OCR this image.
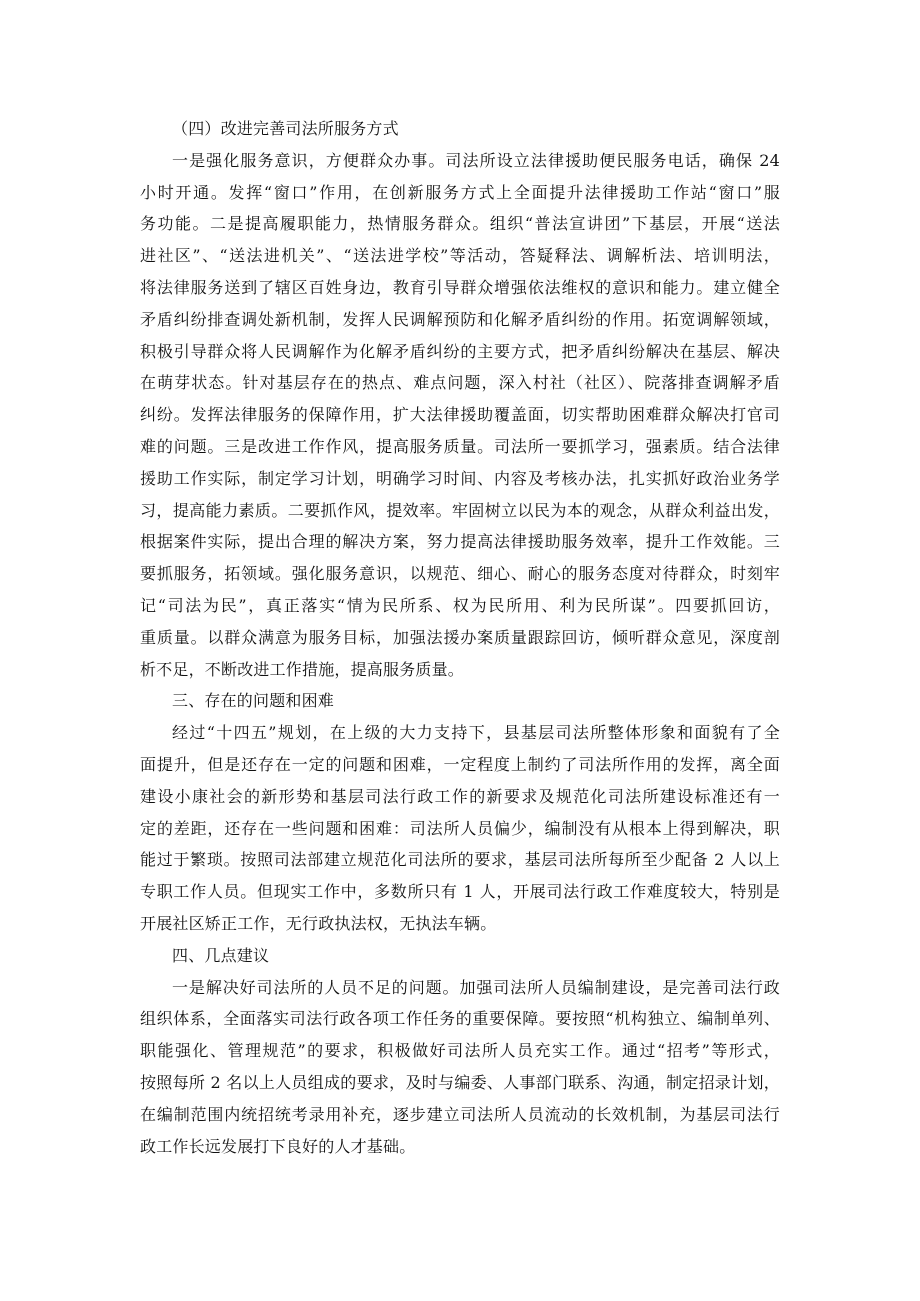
（四）改进完善司法所服务方式
一是强化服务意识，方便群众办事。司法所设立法律援助便民服务电话，确保 24
小时开通。发挥“窗口”作用，在创新服务方式上全面提升法律援助工作站“窗口”服
务功能。二是提高履职能力，热情服务群众。组织“普法宣讲团”下基层，开展“送法
进社区”、“送法进机关”、“送法进学校”等活动，答疑释法、调解析法、培训明法，
将法律服务送到了辖区百姓身边，教育引导群众增强依法维权的意识和能力。建立健全
矛盾纠纷排查调处新机制，发挥人民调解预防和化解矛盾纠纷的作用。拓宽调解领域，
积极引导群众将人民调解作为化解矛盾纠纷的主要方式，把矛盾纠纷解决在基层、解决
在萌芽状态。针对基层存在的热点、难点问题，深入村社（社区）、院落排查调解矛盾
纠纷。发挥法律服务的保障作用，扩大法律援助覆盖面，切实帮助困难群众解决打官司
难的问题。三是改进工作作风，提高服务质量。司法所一要抓学习，强素质。结合法律
援助工作实际，制定学习计划，明确学习时间、内容及考核办法，扎实抓好政治业务学
习，提高能力素质。二要抓作风，提效率。牢固树立以民为本的观念，从群众利益出发，
根据案件实际，提出合理的解决方案，努力提高法律援助服务效率，提升工作效能。三
要抓服务，拓领域。强化服务意识，以规范、细心、耐心的服务态度对待群众，时刻牢
记“司法为民”，真正落实“情为民所系、权为民所用、利为民所谋”。四要抓回访，
重质量。以群众满意为服务目标，加强法援办案质量跟踪回访，倾听群众意见，深度剖
析不足，不断改进工作措施，提高服务质量。
三、存在的问题和困难
经过“十四五”规划，在上级的大力支持下，县基层司法所整体形象和面貌有了全
面提升，但是还存在一定的问题和困难，一定程度上制约了司法所作用的发挥，离全面
建设小康社会的新形势和基层司法行政工作的新要求及规范化司法所建设标准还有一
定的差距，还存在一些问题和困难：司法所人员偏少，编制没有从根本上得到解决，职
能过于繁琐。按照司法部建立规范化司法所的要求，基层司法所每所至少配备 2 人以上
专职工作人员。但现实工作中，多数所只有 1 人，开展司法行政工作难度较大，特别是
开展社区矫正工作，无行政执法权，无执法车辆。
四、几点建议
一是解决好司法所的人员不足的问题。加强司法所人员编制建设，是完善司法行政
组织体系，全面落实司法行政各项工作任务的重要保障。要按照“机构独立、编制单列、
职能强化、管理规范”的要求，积极做好司法所人员充实工作。通过“招考”等形式，
按照每所 2 名以上人员组成的要求，及时与编委、人事部门联系、沟通，制定招录计划，
在编制范围内统招统考录用补充，逐步建立司法所人员流动的长效机制，为基层司法行
政工作长远发展打下良好的人才基础。
